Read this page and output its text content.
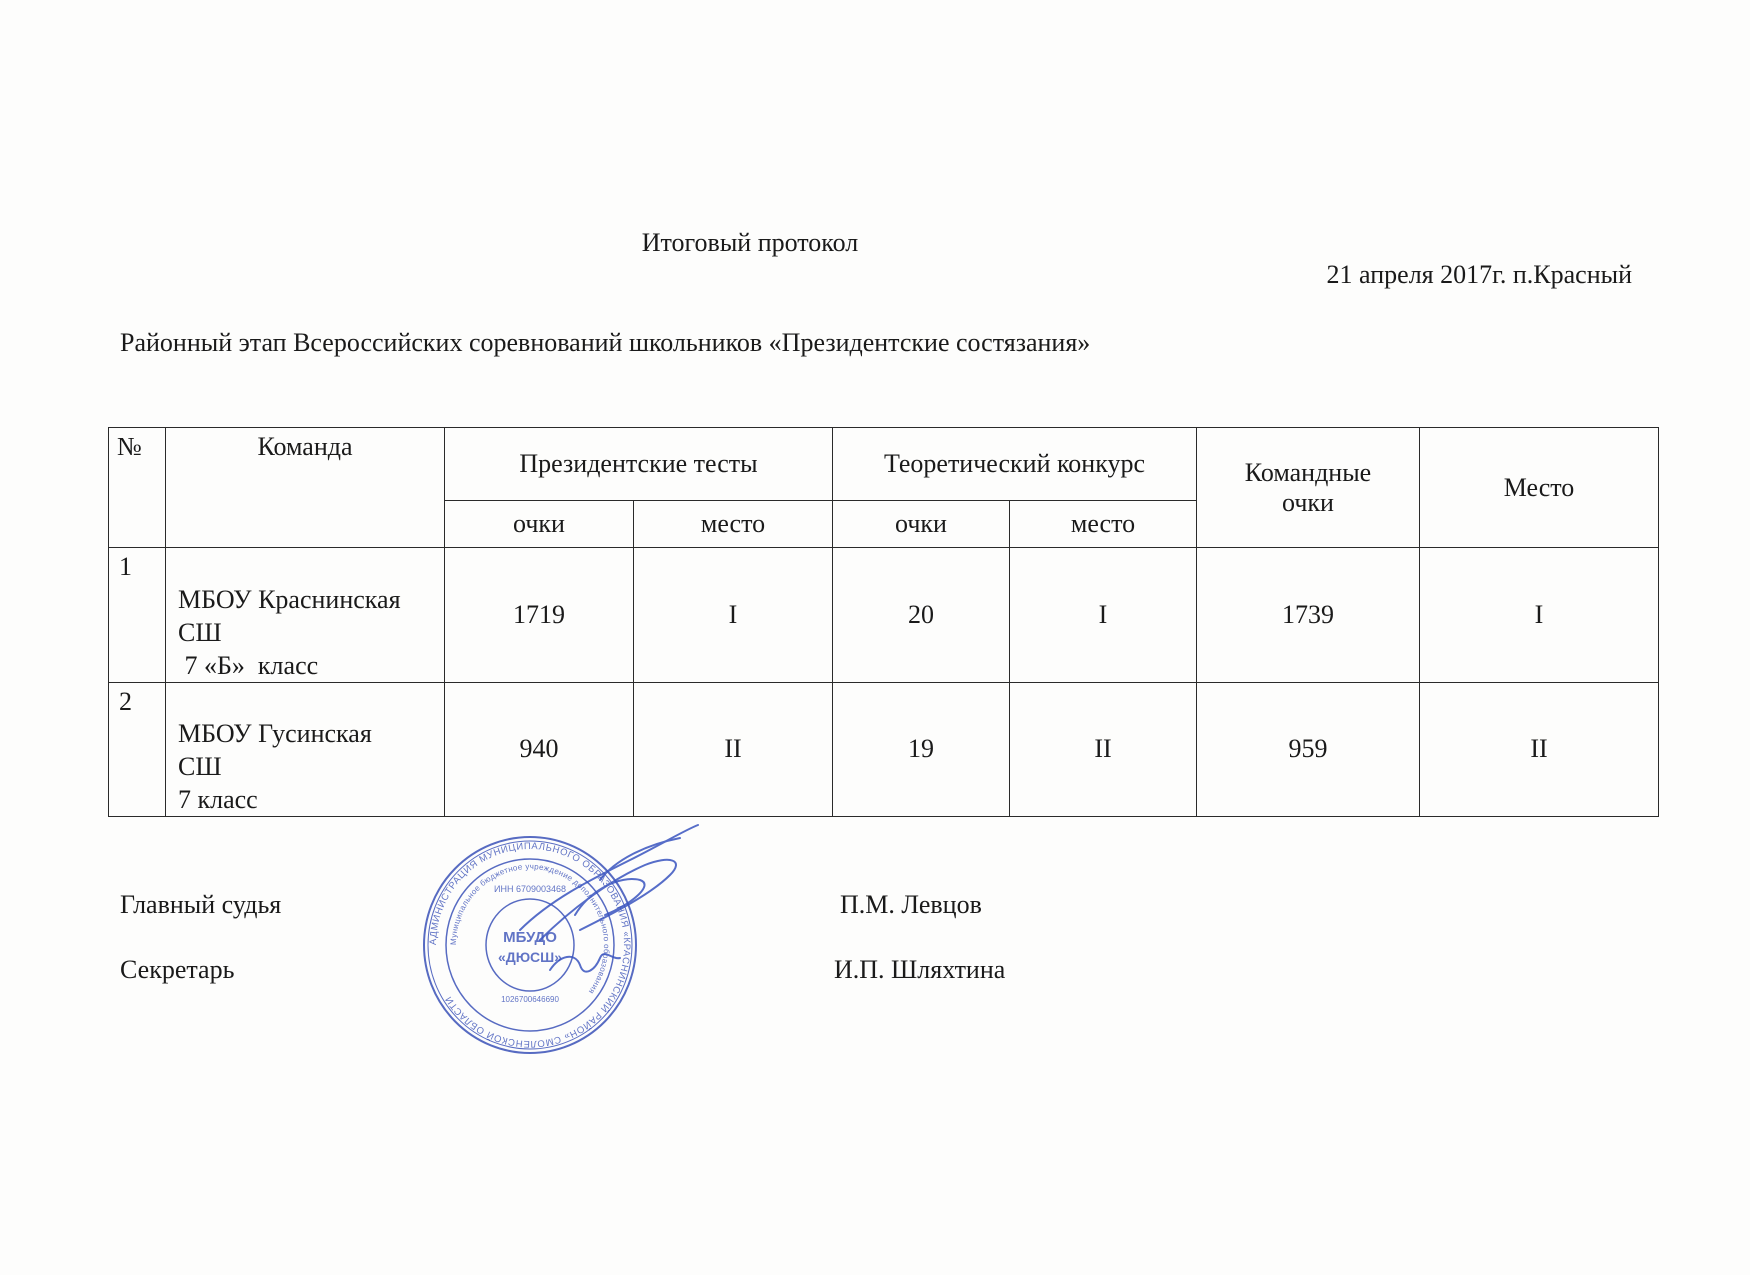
Итоговый протокол
21 апреля 2017г. п.Красный
Районный этап Всероссийских соревнований школьников «Президентские состязания»
№	Команда	Президентские тесты		Теоретический конкурс		Командные очки	Место
		очки	место	очки	место		
1	МБОУ Краснинская
СШ
7 «Б»  класс	1719	I	20	I	1739	I
2	МБОУ Гусинская
СШ
7 класс	940	II	19	II	959	II
Главный судья	П.М. Левцов
Секретарь	И.П. Шляхтина
АДМИНИСТРАЦИЯ МУНИЦИПАЛЬНОГО ОБРАЗОВАНИЯ «КРАСНИНСКИЙ РАЙОН» СМОЛЕНСКОЙ ОБЛАСТИ
Муниципальное бюджетное учреждение дополнительного образования
ИНН 6709003468
МБУДО
«ДЮСШ»
1026700646690
